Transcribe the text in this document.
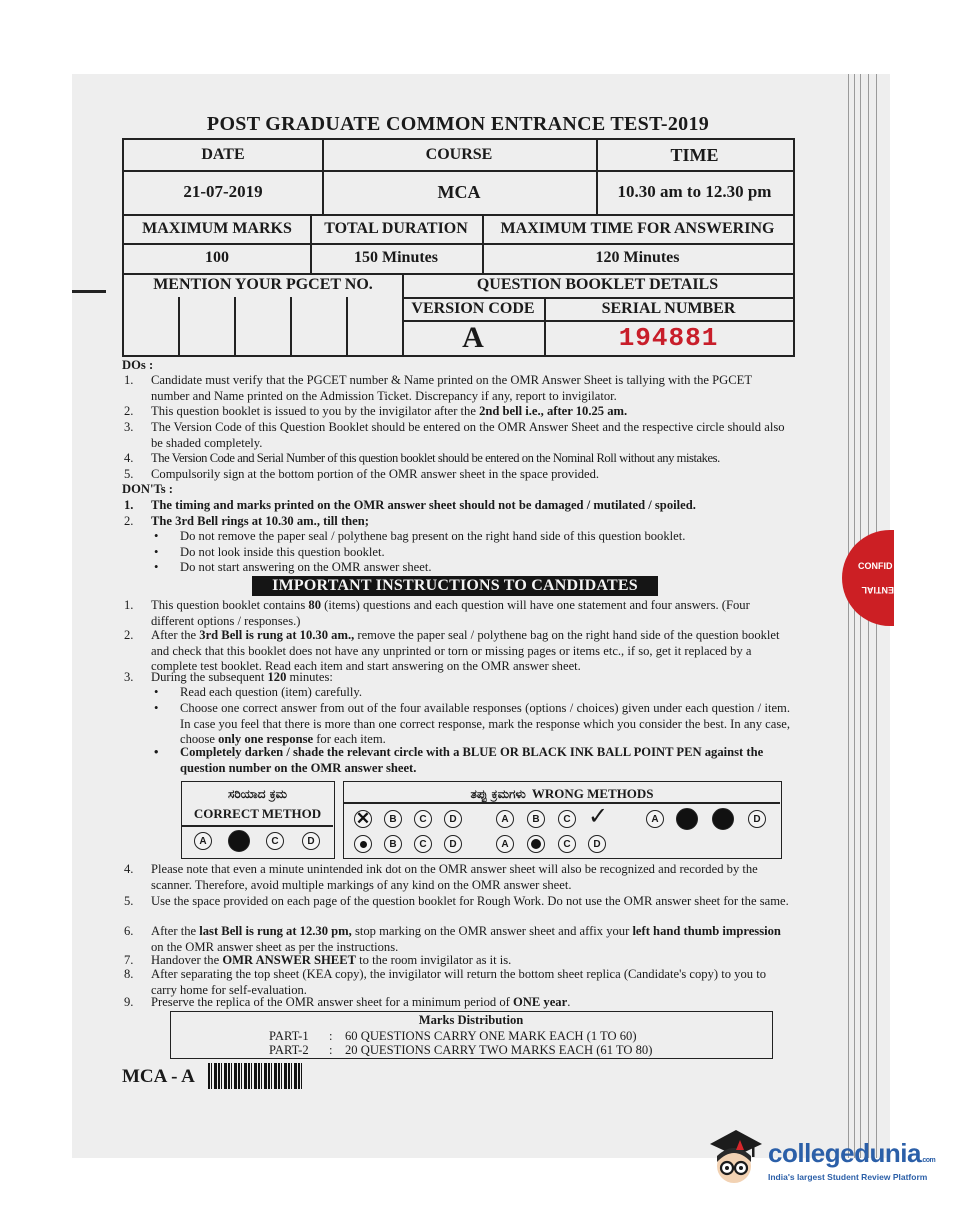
CONFID
ENTIAL
POST GRADUATE COMMON ENTRANCE TEST-2019
DATE	COURSE	TIME
21-07-2019	MCA	10.30 am to 12.30 pm
MAXIMUM MARKS	TOTAL DURATION	MAXIMUM TIME FOR ANSWERING
100	150 Minutes	120 Minutes
MENTION YOUR PGCET NO.	QUESTION BOOKLET DETAILS
VERSION CODE	SERIAL NUMBER
A	194881
DOs :
1. Candidate must verify that the PGCET number & Name printed on the OMR Answer Sheet is tallying with the PGCET number and Name printed on the Admission Ticket. Discrepancy if any, report to invigilator.
2. This question booklet is issued to you by the invigilator after the 2nd bell i.e., after 10.25 am.
3. The Version Code of this Question Booklet should be entered on the OMR Answer Sheet and the respective circle should also be shaded completely.
4. The Version Code and Serial Number of this question booklet should be entered on the Nominal Roll without any mistakes.
5. Compulsorily sign at the bottom portion of the OMR answer sheet in the space provided.
DON'Ts :
1. The timing and marks printed on the OMR answer sheet should not be damaged / mutilated / spoiled.
2. The 3rd Bell rings at 10.30 am., till then;
• Do not remove the paper seal / polythene bag present on the right hand side of this question booklet.
• Do not look inside this question booklet.
• Do not start answering on the OMR answer sheet.
IMPORTANT INSTRUCTIONS TO CANDIDATES
1. This question booklet contains 80 (items) questions and each question will have one statement and four answers. (Four different options / responses.)
2. After the 3rd Bell is rung at 10.30 am., remove the paper seal / polythene bag on the right hand side of the question booklet and check that this booklet does not have any unprinted or torn or missing pages or items etc., if so, get it replaced by a complete test booklet. Read each item and start answering on the OMR answer sheet.
3. During the subsequent 120 minutes:
• Read each question (item) carefully.
• Choose one correct answer from out of the four available responses (options / choices) given under each question / item. In case you feel that there is more than one correct response, mark the response which you consider the best. In any case, choose only one response for each item.
• Completely darken / shade the relevant circle with a BLUE OR BLACK INK BALL POINT PEN against the question number on the OMR answer sheet.
ಸರಿಯಾದ ಕ್ರಮ
CORRECT METHOD
A	C	D
ತಪ್ಪು ಕ್ರಮಗಳು WRONG METHODS
✕
B	C	D	A	B	C ✓	A	D
B	C	D	A	C	D
4. Please note that even a minute unintended ink dot on the OMR answer sheet will also be recognized and recorded by the scanner. Therefore, avoid multiple markings of any kind on the OMR answer sheet.
5. Use the space provided on each page of the question booklet for Rough Work. Do not use the OMR answer sheet for the same.
6. After the last Bell is rung at 12.30 pm, stop marking on the OMR answer sheet and affix your left hand thumb impression on the OMR answer sheet as per the instructions.
7. Handover the OMR ANSWER SHEET to the room invigilator as it is.
8. After separating the top sheet (KEA copy), the invigilator will return the bottom sheet replica (Candidate's copy) to you to carry home for self-evaluation.
9. Preserve the replica of the OMR answer sheet for a minimum period of ONE year.
Marks Distribution
PART-1 : 60 QUESTIONS CARRY ONE MARK EACH (1 TO 60)
PART-2 : 20 QUESTIONS CARRY TWO MARKS EACH (61 TO 80)
MCA - A
collegedunia.com
India's largest Student Review Platform
